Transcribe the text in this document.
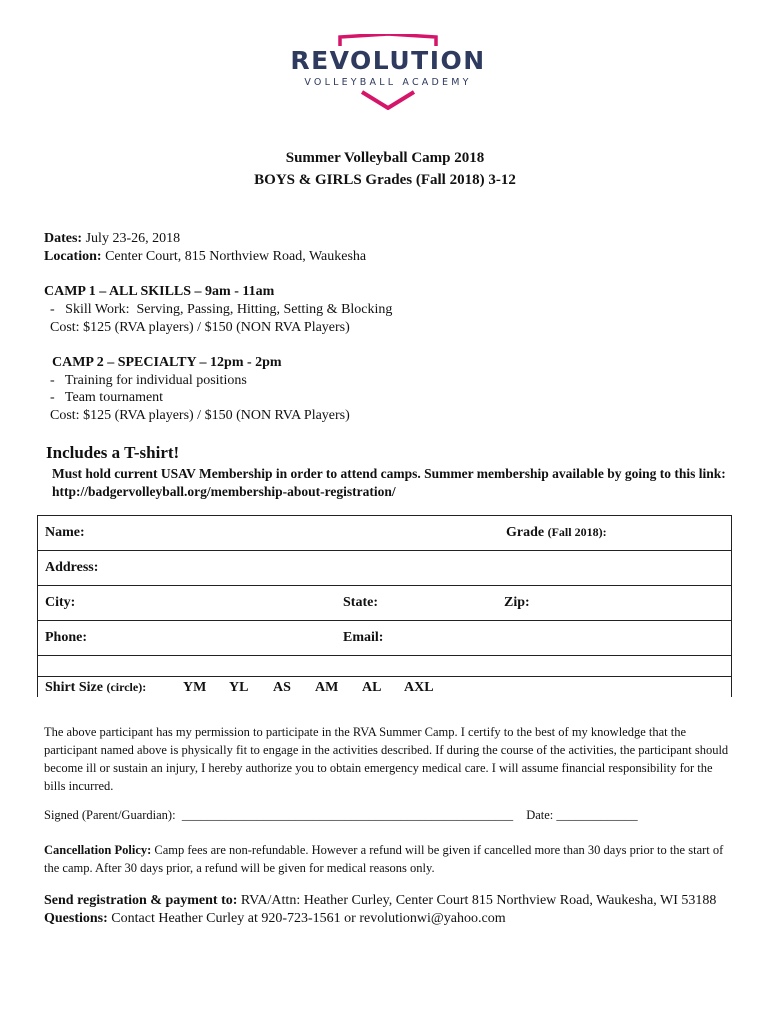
REVOLUTION
VOLLEYBALL ACADEMY
Summer Volleyball Camp 2018
BOYS & GIRLS Grades (Fall 2018) 3-12
Dates: July 23-26, 2018
Location: Center Court, 815 Northview Road, Waukesha
CAMP 1 – ALL SKILLS – 9am - 11am
-   Skill Work:  Serving, Passing, Hitting, Setting & Blocking
Cost: $125 (RVA players) / $150 (NON RVA Players)
CAMP 2 – SPECIALTY – 12pm - 2pm
-   Training for individual positions
-   Team tournament
Cost: $125 (RVA players) / $150 (NON RVA Players)
Includes a T-shirt!
Must hold current USAV Membership in order to attend camps. Summer membership available by going to this link: http://badgervolleyball.org/membership-about-registration/
Name:	Grade (Fall 2018):

Address:

City:	State:	Zip:

Phone:	Email:

Shirt Size (circle):	YM YL AS AM AL AXL
The above participant has my permission to participate in the RVA Summer Camp. I certify to the best of my knowledge that the participant named above is physically fit to engage in the activities described. If during the course of the activities, the participant should become ill or sustain an injury, I hereby authorize you to obtain emergency medical care. I will assume financial responsibility for the bills incurred.
Signed (Parent/Guardian):  _____________________________________________________ Date: _____________
Cancellation Policy: Camp fees are non-refundable. However a refund will be given if cancelled more than 30 days prior to the start of the camp. After 30 days prior, a refund will be given for medical reasons only.
Send registration & payment to: RVA/Attn: Heather Curley, Center Court 815 Northview Road, Waukesha, WI 53188
Questions: Contact Heather Curley at 920-723-1561 or revolutionwi@yahoo.com
